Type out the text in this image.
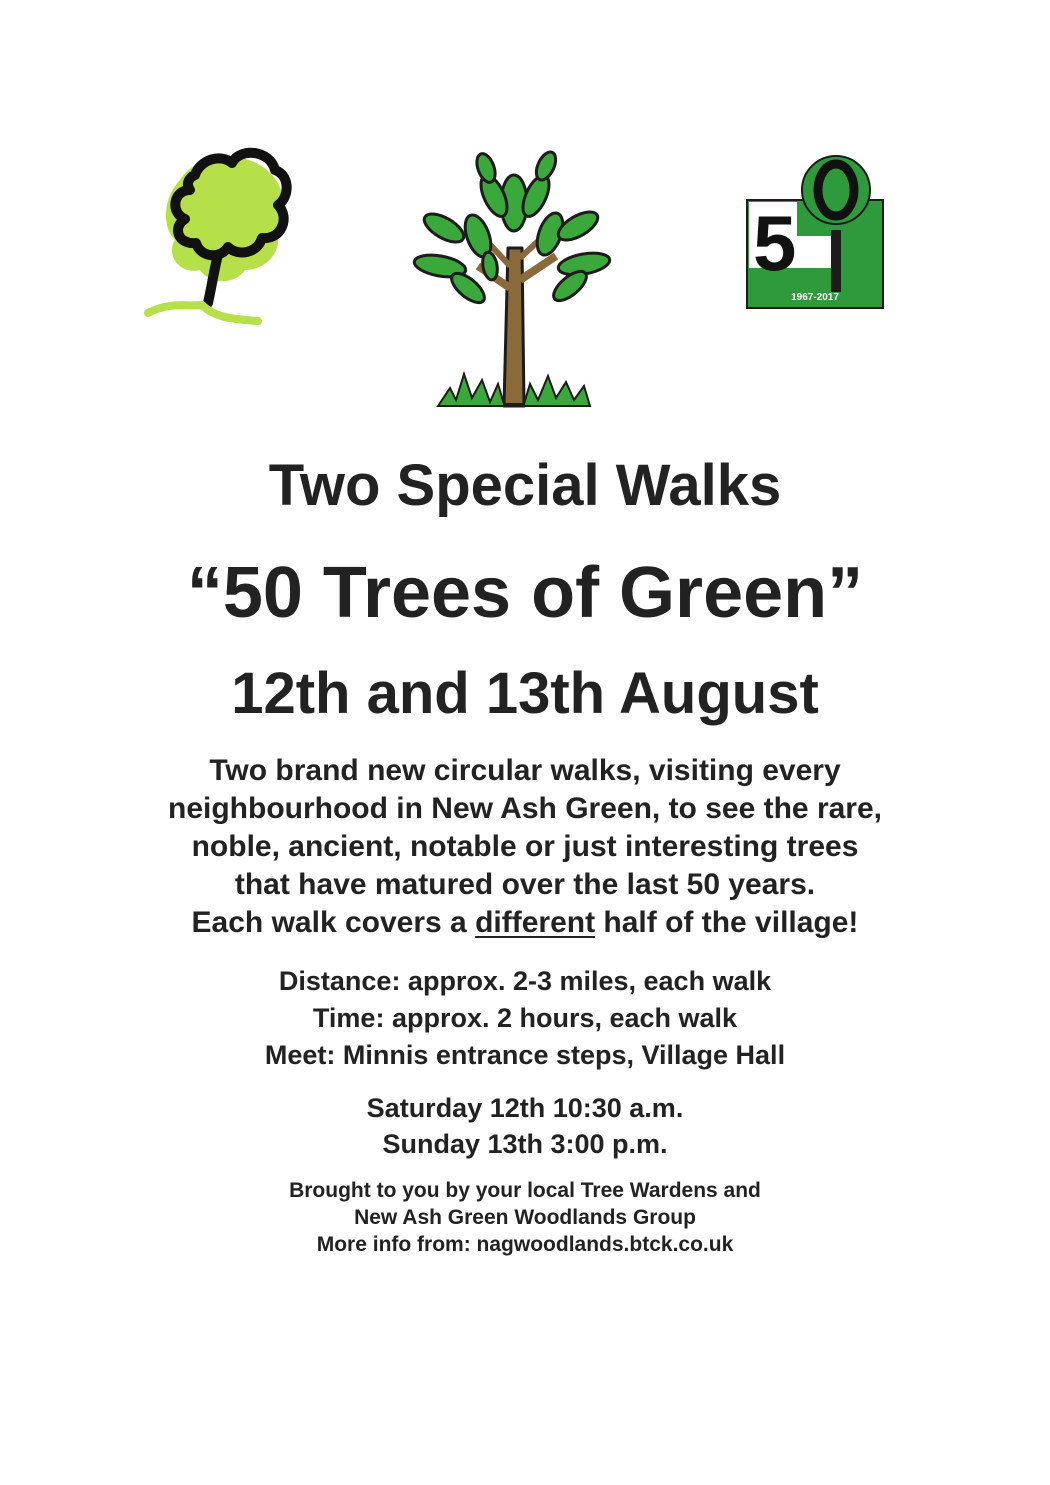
5
1967-2017
Two Special Walks
“50 Trees of Green”
12th and 13th August
Two brand new circular walks, visiting every
neighbourhood in New Ash Green, to see the rare,
noble, ancient, notable or just interesting trees
that have matured over the last 50 years.
Each walk covers a different half of the village!
Distance: approx. 2-3 miles, each walk
Time: approx. 2 hours, each walk
Meet: Minnis entrance steps, Village Hall
Saturday 12th 10:30 a.m.
Sunday 13th 3:00 p.m.
Brought to you by your local Tree Wardens and
New Ash Green Woodlands Group
More info from: nagwoodlands.btck.co.uk
